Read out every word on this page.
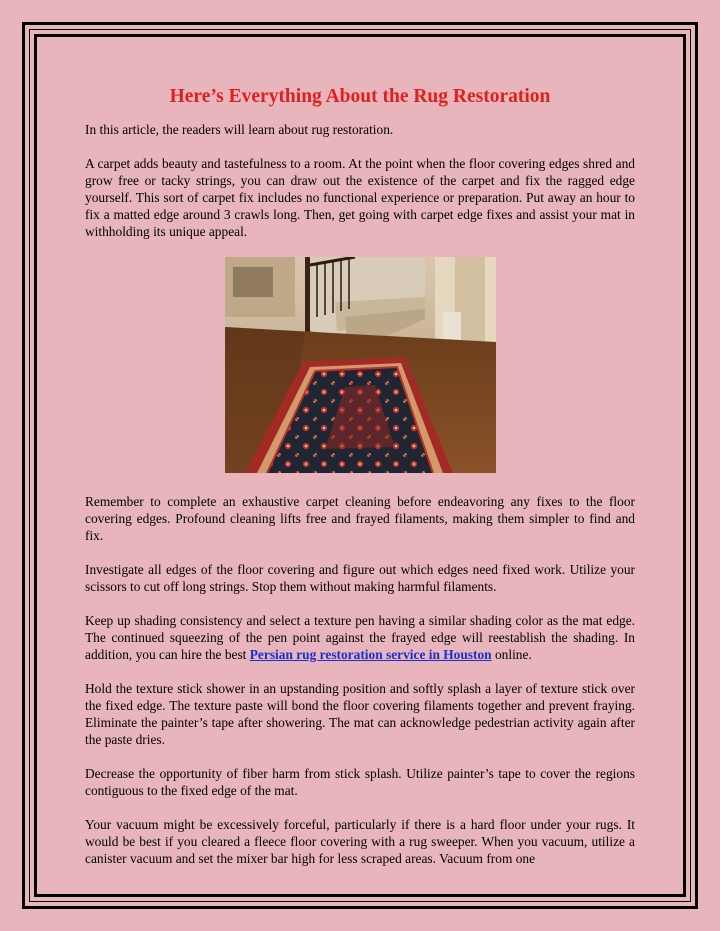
Here’s Everything About the Rug Restoration

In this article, the readers will learn about rug restoration.

A carpet adds beauty and tastefulness to a room. At the point when the floor covering edges shred and grow free or tacky strings, you can draw out the existence of the carpet and fix the ragged edge yourself. This sort of carpet fix includes no functional experience or preparation. Put away an hour to fix a matted edge around 3 crawls long. Then, get going with carpet edge fixes and assist your mat in withholding its unique appeal.

Remember to complete an exhaustive carpet cleaning before endeavoring any fixes to the floor covering edges. Profound cleaning lifts free and frayed filaments, making them simpler to find and fix.

Investigate all edges of the floor covering and figure out which edges need fixed work. Utilize your scissors to cut off long strings. Stop them without making harmful filaments.

Keep up shading consistency and select a texture pen having a similar shading color as the mat edge. The continued squeezing of the pen point against the frayed edge will reestablish the shading. In addition, you can hire the best Persian rug restoration service in Houston online.

Hold the texture stick shower in an upstanding position and softly splash a layer of texture stick over the fixed edge. The texture paste will bond the floor covering filaments together and prevent fraying. Eliminate the painter’s tape after showering. The mat can acknowledge pedestrian activity again after the paste dries.

Decrease the opportunity of fiber harm from stick splash. Utilize painter’s tape to cover the regions contiguous to the fixed edge of the mat.

Your vacuum might be excessively forceful, particularly if there is a hard floor under your rugs. It would be best if you cleared a fleece floor covering with a rug sweeper. When you vacuum, utilize a canister vacuum and set the mixer bar high for less scraped areas. Vacuum from one
